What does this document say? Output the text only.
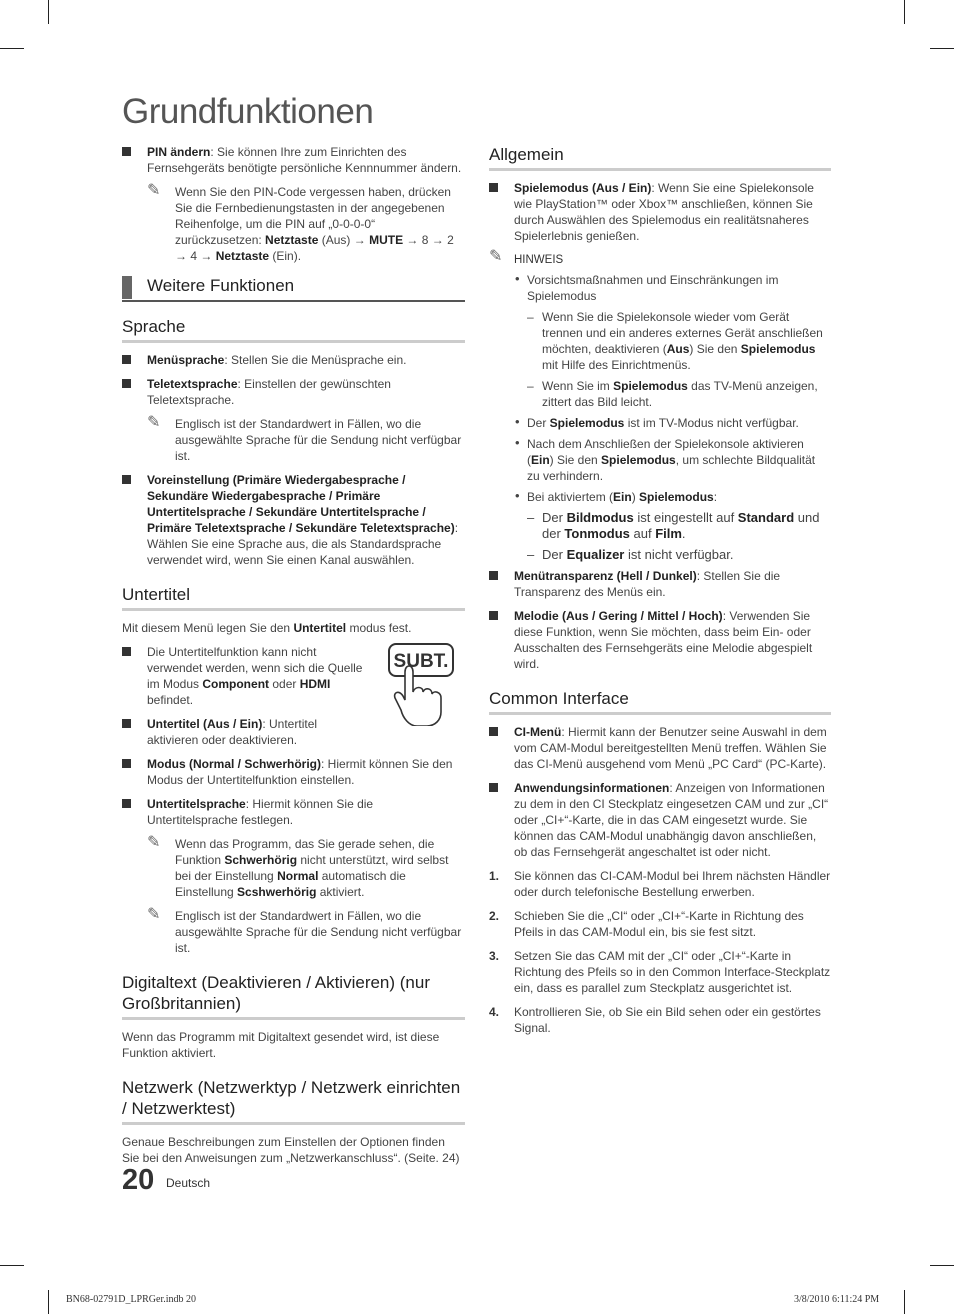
Grundfunktionen
PIN ändern: Sie können Ihre zum Einrichten des Fernsehgeräts benötigte persönliche Kennnummer ändern.
✎ Wenn Sie den PIN-Code vergessen haben, drücken Sie die Fernbedienungstasten in der angegebenen Reihenfolge, um die PIN auf „0-0-0-0“ zurückzusetzen: Netztaste (Aus) → MUTE → 8 → 2 → 4 → Netztaste (Ein).
Weitere Funktionen
Sprache
Menüsprache: Stellen Sie die Menüsprache ein.
Teletextsprache: Einstellen der gewünschten Teletextsprache.
✎ Englisch ist der Standardwert in Fällen, wo die ausgewählte Sprache für die Sendung nicht verfügbar ist.
Voreinstellung (Primäre Wiedergabesprache / Sekundäre Wiedergabesprache / Primäre Untertitelsprache / Sekundäre Untertitelsprache / Primäre Teletextsprache / Sekundäre Teletextsprache): Wählen Sie eine Sprache aus, die als Standardsprache verwendet wird, wenn Sie einen Kanal auswählen.
Untertitel
Mit diesem Menü legen Sie den Untertitel modus fest.
SUBT.
Die Untertitelfunktion kann nicht verwendet werden, wenn sich die Quelle im Modus Component oder HDMI befindet.
Untertitel (Aus / Ein): Untertitel aktivieren oder deaktivieren.
Modus (Normal / Schwerhörig): Hiermit können Sie den Modus der Untertitelfunktion einstellen.
Untertitelsprache: Hiermit können Sie die Untertitelsprache festlegen.
✎ Wenn das Programm, das Sie gerade sehen, die Funktion Schwerhörig nicht unterstützt, wird selbst bei der Einstellung Normal automatisch die Einstellung Scshwerhörig aktiviert.
✎ Englisch ist der Standardwert in Fällen, wo die ausgewählte Sprache für die Sendung nicht verfügbar ist.
Digitaltext (Deaktivieren / Aktivieren) (nur Großbritannien)
Wenn das Programm mit Digitaltext gesendet wird, ist diese Funktion aktiviert.
Netzwerk (Netzwerktyp / Netzwerk einrichten / Netzwerktest)
Genaue Beschreibungen zum Einstellen der Optionen finden Sie bei den Anweisungen zum „Netzwerkanschluss“. (Seite. 24)
Allgemein
Spielemodus (Aus / Ein): Wenn Sie eine Spielekonsole wie PlayStation™ oder Xbox™ anschließen, können Sie durch Auswählen des Spielemodus ein realitätsnaheres Spielerlebnis genießen.
✎ HINWEIS
• Vorsichtsmaßnahmen und Einschränkungen im Spielemodus
– Wenn Sie die Spielekonsole wieder vom Gerät trennen und ein anderes externes Gerät anschließen möchten, deaktivieren (Aus) Sie den Spielemodus mit Hilfe des Einrichtmenüs.
– Wenn Sie im Spielemodus das TV-Menü anzeigen, zittert das Bild leicht.
• Der Spielemodus ist im TV-Modus nicht verfügbar.
• Nach dem Anschließen der Spielekonsole aktivieren (Ein) Sie den Spielemodus, um schlechte Bildqualität zu verhindern.
• Bei aktiviertem (Ein) Spielemodus:
– Der Bildmodus ist eingestellt auf Standard und der Tonmodus auf Film.
– Der Equalizer ist nicht verfügbar.
Menütransparenz (Hell / Dunkel): Stellen Sie die Transparenz des Menüs ein.
Melodie (Aus / Gering / Mittel / Hoch): Verwenden Sie diese Funktion, wenn Sie möchten, dass beim Ein- oder Ausschalten des Fernsehgeräts eine Melodie abgespielt wird.
Common Interface
CI-Menü: Hiermit kann der Benutzer seine Auswahl in dem vom CAM-Modul bereitgestellten Menü treffen. Wählen Sie das CI-Menü ausgehend vom Menü „PC Card“ (PC-Karte).
Anwendungsinformationen: Anzeigen von Informationen zu dem in den CI Steckplatz eingesetzen CAM und zur „CI“ oder „CI+“-Karte, die in das CAM eingesetzt wurde. Sie können das CAM-Modul unabhängig davon anschließen, ob das Fernsehgerät angeschaltet ist oder nicht.
1. Sie können das CI-CAM-Modul bei Ihrem nächsten Händler oder durch telefonische Bestellung erwerben.
2. Schieben Sie die „CI“ oder „CI+“-Karte in Richtung des Pfeils in das CAM-Modul ein, bis sie fest sitzt.
3. Setzen Sie das CAM mit der „CI“ oder „CI+“-Karte in Richtung des Pfeils so in den Common Interface-Steckplatz ein, dass es parallel zum Steckplatz ausgerichtet ist.
4. Kontrollieren Sie, ob Sie ein Bild sehen oder ein gestörtes Signal.
20 Deutsch
BN68-02791D_LPRGer.indb 20	3/8/2010 6:11:24 PM
